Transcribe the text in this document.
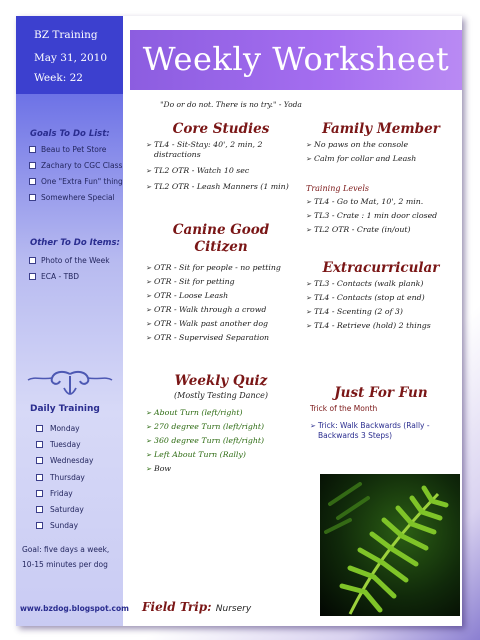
BZ Training
May 31, 2010
Week: 22
Goals To Do List:
Beau to Pet Store
Zachary to CGC Class
One "Extra Fun" thing
Somewhere Special
Other To Do Items:
Photo of the Week
ECA - TBD
Daily Training
Monday
Tuesday
Wednesday
Thursday
Friday
Saturday
Sunday
Goal: five days a week, 10-15 minutes per dog
www.bzdog.blogspot.com
Weekly Worksheet
"Do or do not. There is no try." - Yoda
Core Studies
➢ TL4 - Sit-Stay: 40', 2 min, 2 distractions
➢ TL2 OTR - Watch 10 sec
➢ TL2 OTR - Leash Manners (1 min)
Canine Good Citizen
➢ OTR - Sit for people - no petting
➢ OTR - Sit for petting
➢ OTR - Loose Leash
➢ OTR - Walk through a crowd
➢ OTR - Walk past another dog
➢ OTR - Supervised Separation
Family Member
➢ No paws on the console
➢ Calm for collar and Leash
Training Levels
➢ TL4 - Go to Mat, 10', 2 min.
➢ TL3 - Crate : 1 min door closed
➢ TL2 OTR - Crate (in/out)
Extracurricular
➢ TL3 - Contacts (walk plank)
➢ TL4 - Contacts (stop at end)
➢ TL4 - Scenting (2 of 3)
➢ TL4 - Retrieve (hold) 2 things
Weekly Quiz
(Mostly Testing Dance)
➢ About Turn (left/right)
➢ 270 degree Turn (left/right)
➢ 360 degree Turn (left/right)
➢ Left About Turn (Rally)
➢ Bow
Just For Fun
Trick of the Month
➢ Trick: Walk Backwards (Rally - Backwards 3 Steps)
Field Trip: Nursery
